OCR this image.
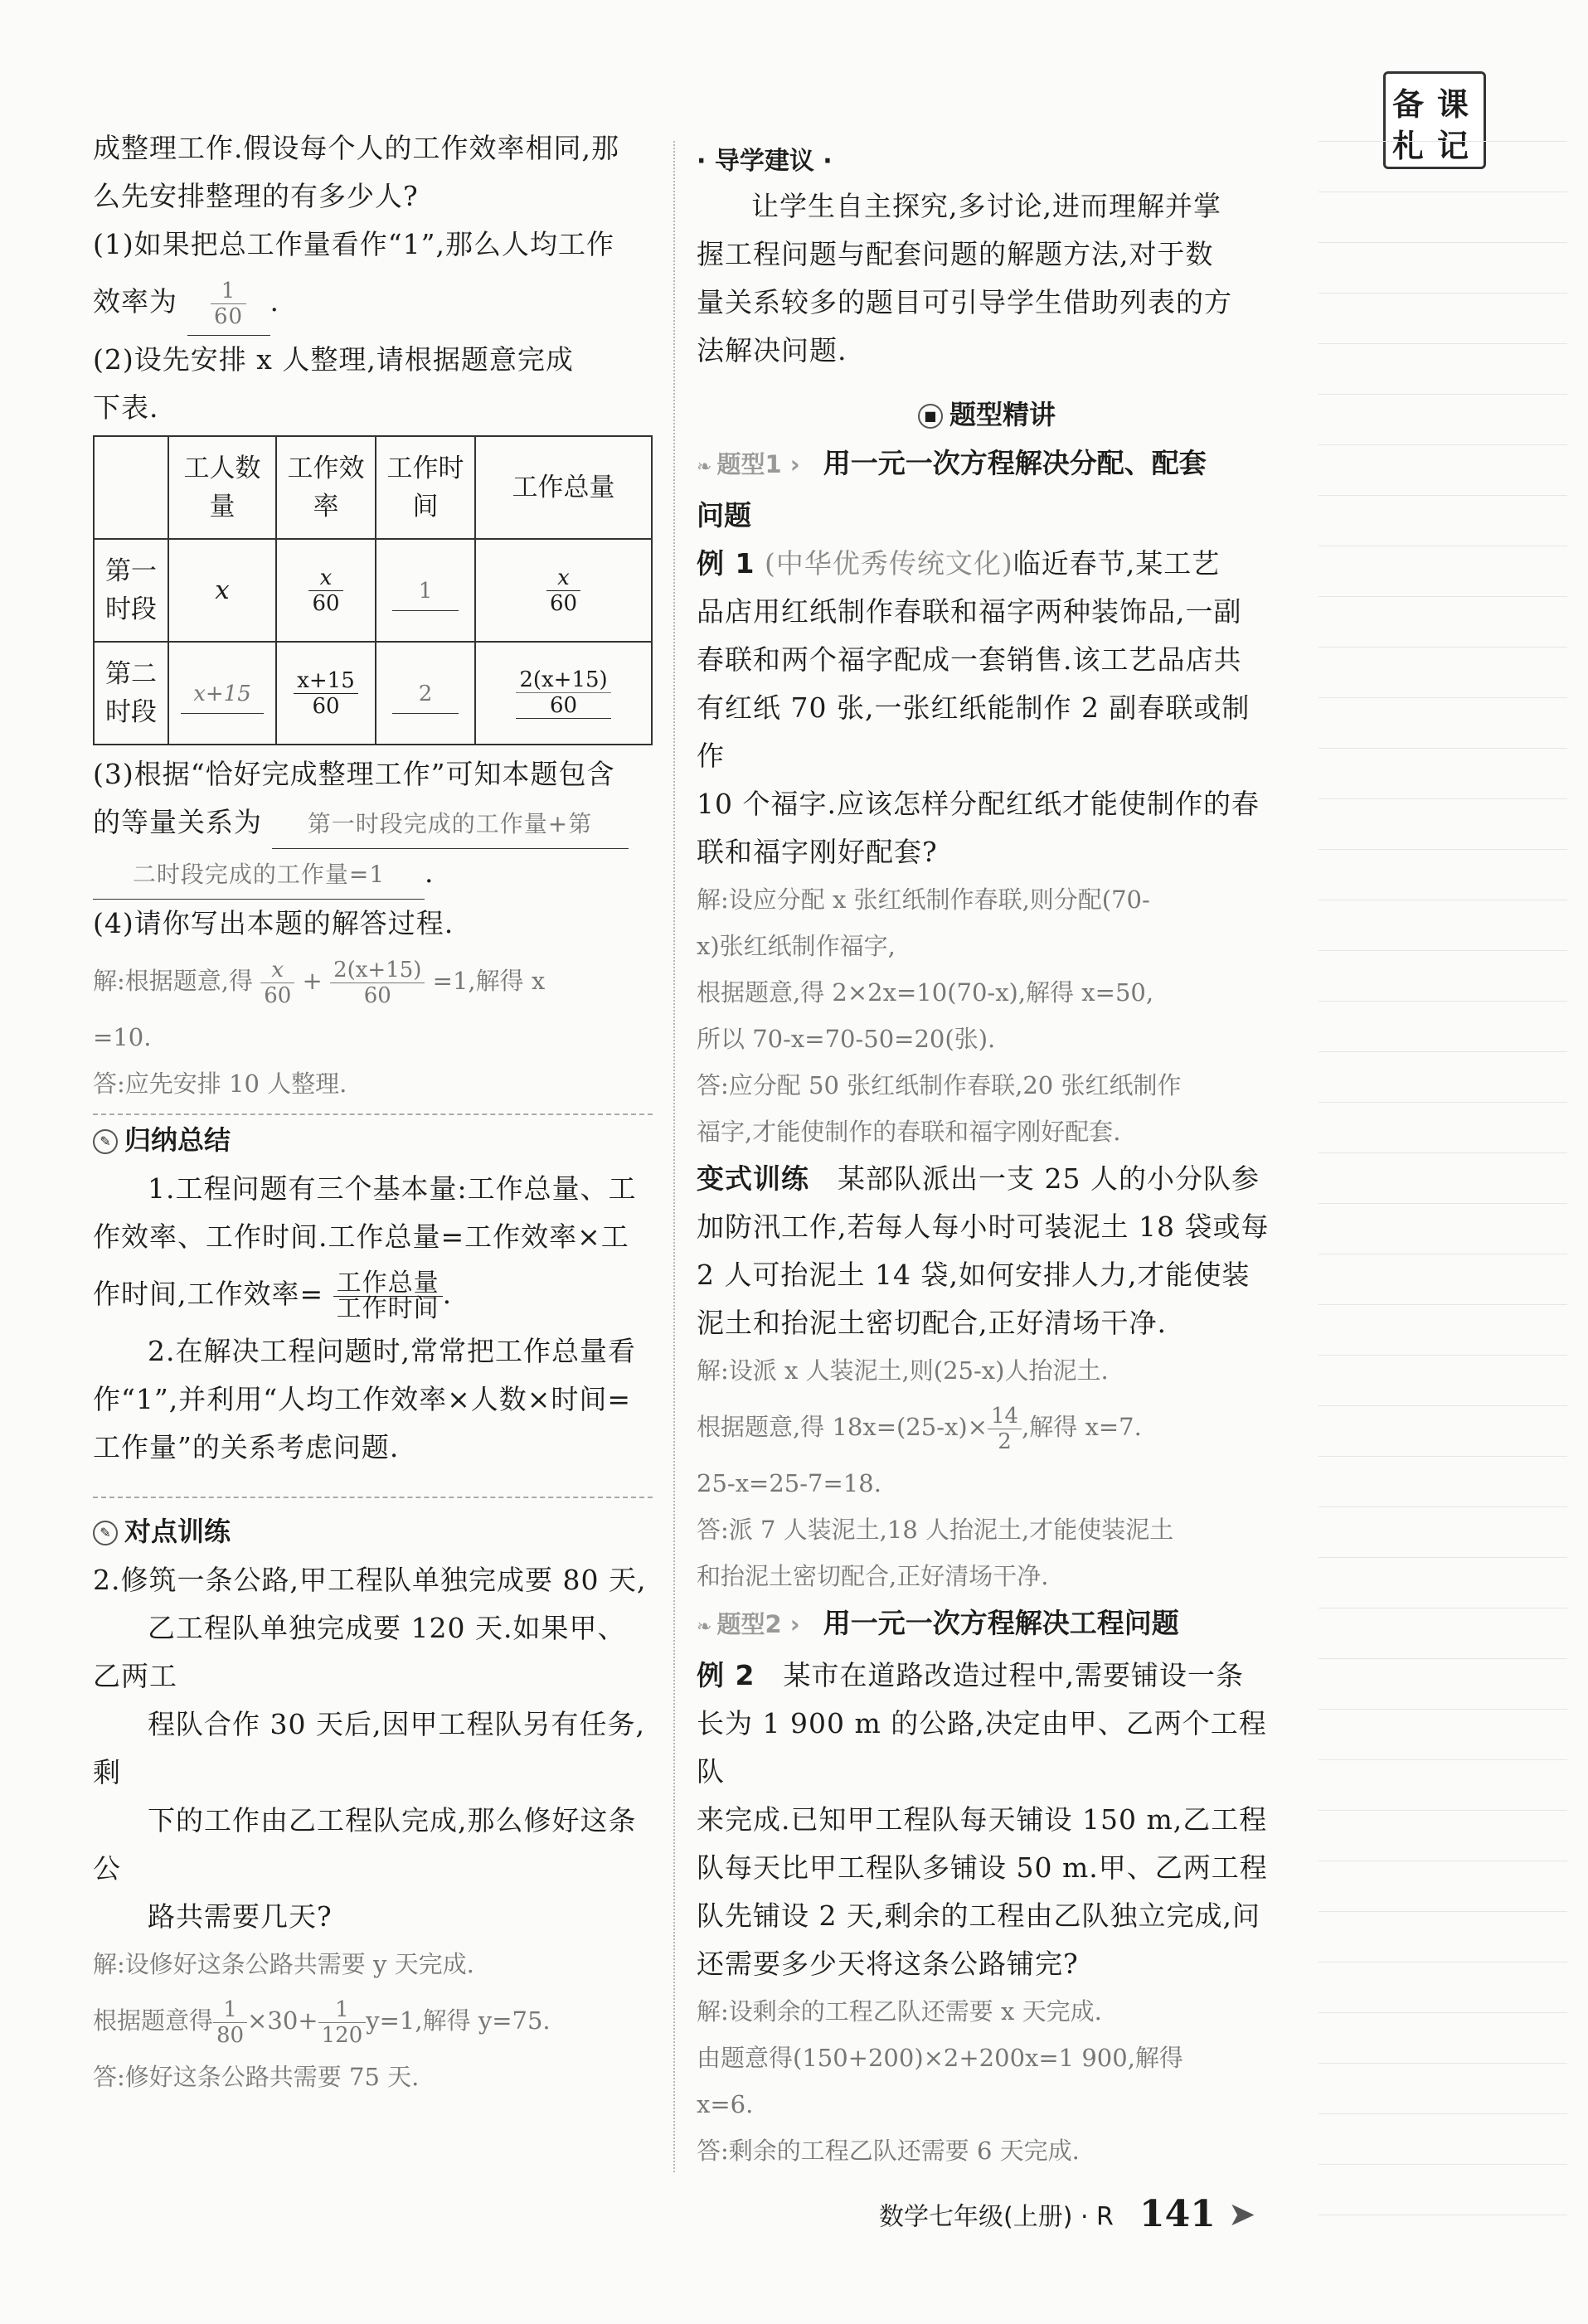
备 课
札 记
成整理工作.假设每个人的工作效率相同,那
么先安排整理的有多少人?
(1)如果把总工作量看作“1”,那么人均工作
效率为 $\frac{1}{60}$ .
(2)设先安排 x 人整理,请根据题意完成
下表.
	工人数量	工作效率	工作时间	工作总量
第一时段	x	$\frac{x}{60}$	1	$\frac{x}{60}$

第二时段	x+15	$\frac{x+15}{60}$	2	$\frac{2(x+15)}{60}$
(3)根据“恰好完成整理工作”可知本题包含
的等量关系为 第一时段完成的工作量+第
二时段完成的工作量=1 .
(4)请你写出本题的解答过程.
解:根据题意,得 $\frac{x}{60} + \frac{2(x+15)}{60} =1$,解得 x
=10.
答:应先安排 10 人整理.
✎ 归纳总结
1.工程问题有三个基本量:工作总量、工
作效率、工作时间.工作总量=工作效率×工
作时间,工作效率= $\frac{\text{工作总量}}{\text{工作时间}}$ .
2.在解决工程问题时,常常把工作总量看
作“1”,并利用“人均工作效率×人数×时间=
工作量”的关系考虑问题.
✎ 对点训练
2.修筑一条公路,甲工程队单独完成要 80 天,
乙工程队单独完成要 120 天.如果甲、乙两工
程队合作 30 天后,因甲工程队另有任务,剩
下的工作由乙工程队完成,那么修好这条公
路共需要几天?
解:设修好这条公路共需要 y 天完成.
根据题意得 $\frac{1}{80} \times 30+ \frac{1}{120} y=1$,解得 y=75.
答:修好这条公路共需要 75 天.
· 导学建议 ·
让学生自主探究,多讨论,进而理解并掌
握工程问题与配套问题的解题方法,对于数
量关系较多的题目可引导学生借助列表的方
法解决问题.
■ 题型精讲
❧ 题型1 › 用一元一次方程解决分配、配套
问题
例 1 (中华优秀传统文化)临近春节,某工艺
品店用红纸制作春联和福字两种装饰品,一副
春联和两个福字配成一套销售.该工艺品店共
有红纸 70 张,一张红纸能制作 2 副春联或制作
10 个福字.应该怎样分配红纸才能使制作的春
联和福字刚好配套?
解:设应分配 x 张红纸制作春联,则分配(70-
x)张红纸制作福字,
根据题意,得 2×2x=10(70-x),解得 x=50,
所以 70-x=70-50=20(张).
答:应分配 50 张红纸制作春联,20 张红纸制作
福字,才能使制作的春联和福字刚好配套.
变式训练　 某部队派出一支 25 人的小分队参
加防汛工作,若每人每小时可装泥土 18 袋或每
2 人可抬泥土 14 袋,如何安排人力,才能使装
泥土和抬泥土密切配合,正好清场干净.
解:设派 x 人装泥土,则(25-x)人抬泥土.
根据题意,得 $18x=(25-x)\times \frac{14}{2}$ ,解得 x=7.
25-x=25-7=18.
答:派 7 人装泥土,18 人抬泥土,才能使装泥土
和抬泥土密切配合,正好清场干净.
❧ 题型2 › 用一元一次方程解决工程问题
例 2　 某市在道路改造过程中,需要铺设一条
长为 1 900 m 的公路,决定由甲、乙两个工程队
来完成.已知甲工程队每天铺设 150 m,乙工程
队每天比甲工程队多铺设 50 m.甲、乙两工程
队先铺设 2 天,剩余的工程由乙队独立完成,问
还需要多少天将这条公路铺完?
解:设剩余的工程乙队还需要 x 天完成.
由题意得(150+200)×2+200x=1 900,解得
x=6.
答:剩余的工程乙队还需要 6 天完成.
数学七年级(上册) · R 141 ➤
